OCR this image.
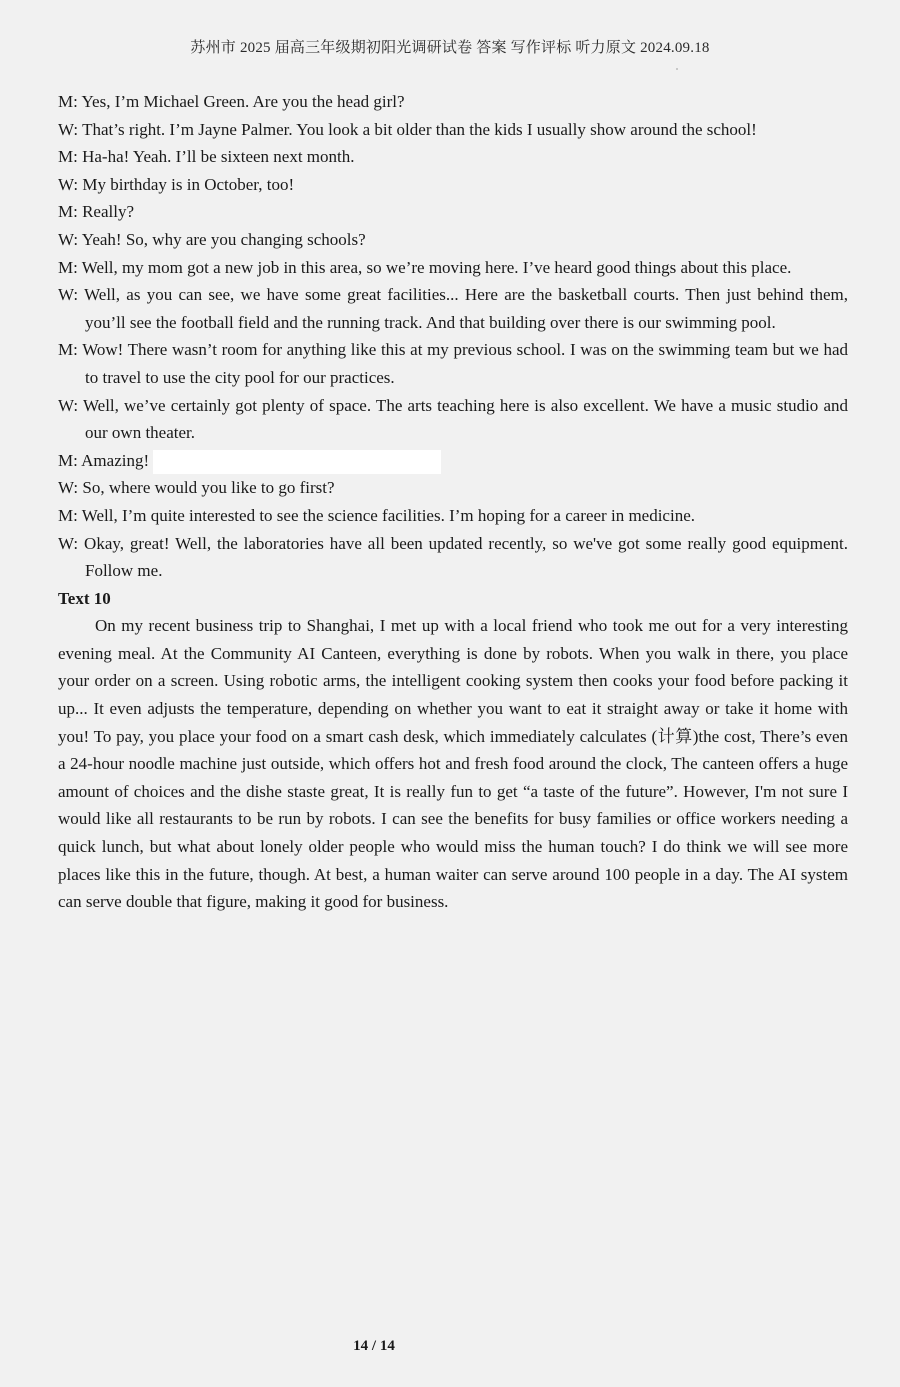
苏州市 2025 届高三年级期初阳光调研试卷 答案 写作评标 听力原文 2024.09.18

M: Yes, I’m Michael Green. Are you the head girl?

W: That’s right. I’m Jayne Palmer. You look a bit older than the kids I usually show around the school!

M: Ha-ha! Yeah. I’ll be sixteen next month.

W: My birthday is in October, too!

M: Really?

W: Yeah! So, why are you changing schools?

M: Well, my mom got a new job in this area, so we’re moving here. I’ve heard good things about this place.

W: Well, as you can see, we have some great facilities... Here are the basketball courts. Then just behind them, you’ll see the football field and the running track. And that building over there is our swimming pool.

M: Wow! There wasn’t room for anything like this at my previous school. I was on the swimming team but we had to travel to use the city pool for our practices.

W: Well, we’ve certainly got plenty of space. The arts teaching here is also excellent. We have a music studio and our own theater.

M: Amazing!

W: So, where would you like to go first?

M: Well, I’m quite interested to see the science facilities. I’m hoping for a career in medicine.

W: Okay, great! Well, the laboratories have all been updated recently, so we've got some really good equipment. Follow me.

Text 10

On my recent business trip to Shanghai, I met up with a local friend who took me out for a very interesting evening meal. At the Community AI Canteen, everything is done by robots. When you walk in there, you place your order on a screen. Using robotic arms, the intelligent cooking system then cooks your food before packing it up... It even adjusts the temperature, depending on whether you want to eat it straight away or take it home with you! To pay, you place your food on a smart cash desk, which immediately calculates (计算)the cost, There’s even a 24-hour noodle machine just outside, which offers hot and fresh food around the clock, The canteen offers a huge amount of choices and the dishe staste great, It is really fun to get “a taste of the future”. However, I'm not sure I would like all restaurants to be run by robots. I can see the benefits for busy families or office workers needing a quick lunch, but what about lonely older people who would miss the human touch? I do think we will see more places like this in the future, though. At best, a human waiter can serve around 100 people in a day. The AI system can serve double that figure, making it good for business.

14 / 14
